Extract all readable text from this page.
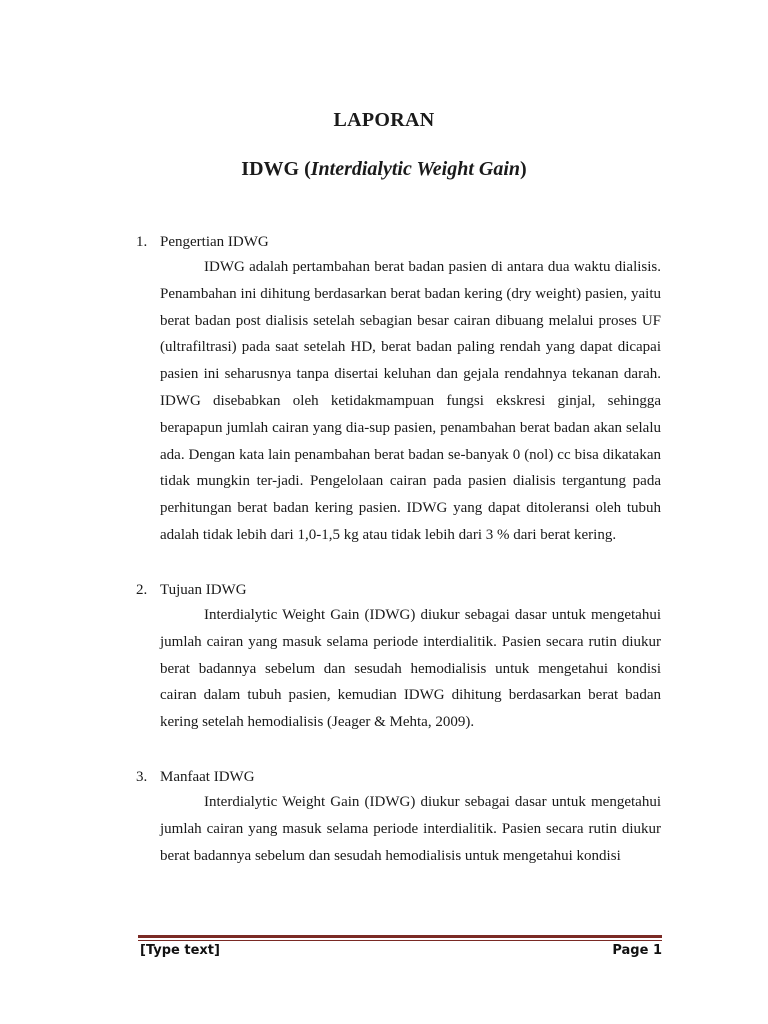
LAPORAN
IDWG (Interdialytic Weight Gain)
1. Pengertian IDWG

IDWG adalah pertambahan berat badan pasien di antara dua waktu dialisis. Penambahan ini dihitung berdasarkan berat badan kering (dry weight) pasien, yaitu berat badan post dialisis setelah sebagian besar cairan dibuang melalui proses UF (ultrafiltrasi) pada saat setelah HD, berat badan paling rendah yang dapat dicapai pasien ini seharusnya tanpa disertai keluhan dan gejala rendahnya tekanan darah. IDWG disebabkan oleh ketidakmampuan fungsi ekskresi ginjal, sehingga berapapun jumlah cairan yang dia-sup pasien, penambahan berat badan akan selalu ada. Dengan kata lain penambahan berat badan se-banyak 0 (nol) cc bisa dikatakan tidak mungkin ter-jadi. Pengelolaan cairan pada pasien dialisis tergantung pada perhitungan berat badan kering pasien. IDWG yang dapat ditoleransi oleh tubuh adalah tidak lebih dari 1,0-1,5 kg atau tidak lebih dari 3 % dari berat kering.

2. Tujuan IDWG

Interdialytic Weight Gain (IDWG) diukur sebagai dasar untuk mengetahui jumlah cairan yang masuk selama periode interdialitik. Pasien secara rutin diukur berat badannya sebelum dan sesudah hemodialisis untuk mengetahui kondisi cairan dalam tubuh pasien, kemudian IDWG dihitung berdasarkan berat badan kering setelah hemodialisis (Jeager & Mehta, 2009).

3. Manfaat IDWG

Interdialytic Weight Gain (IDWG) diukur sebagai dasar untuk mengetahui jumlah cairan yang masuk selama periode interdialitik. Pasien secara rutin diukur berat badannya sebelum dan sesudah hemodialisis untuk mengetahui kondisi

[Type text]	Page 1
